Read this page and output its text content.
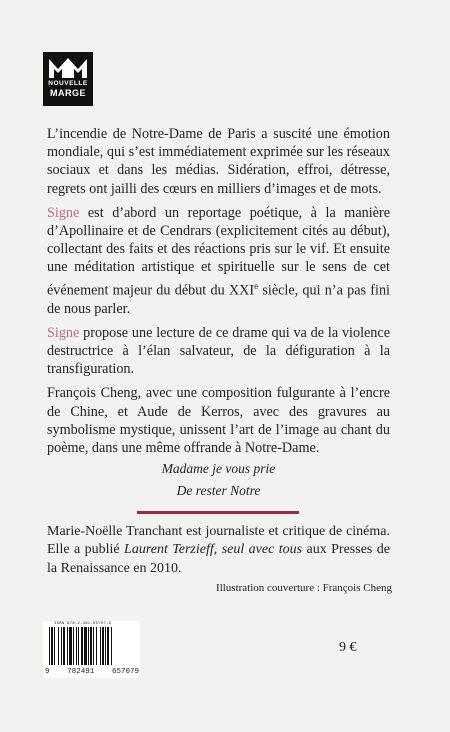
NOUVELLE
MARGE

L’incendie de Notre-Dame de Paris a suscité une émotion mondiale, qui s’est immédiatement exprimée sur les réseaux sociaux et dans les médias. Sidération, effroi, détresse, regrets ont jailli des cœurs en milliers d’images et de mots.

Signe est d’abord un reportage poétique, à la manière d’Apollinaire et de Cendrars (explicitement cités au début), collectant des faits et des réactions pris sur le vif. Et ensuite une méditation artistique et spirituelle sur le sens de cet événement majeur du début du XXIe siècle, qui n’a pas fini de nous parler.

Signe propose une lecture de ce drame qui va de la violence destructrice à l’élan salvateur, de la défiguration à la transfiguration.

François Cheng, avec une composition fulgurante à l’encre de Chine, et Aude de Kerros, avec des gravures au symbolisme mystique, unissent l’art de l’image au chant du poème, dans une même offrande à Notre-Dame.

Madame je vous prie
De rester Notre

Marie-Noëlle Tranchant est journaliste et critique de cinéma. Elle a publié Laurent Terzieff, seul avec tous aux Presses de la Renaissance en 2010.

Illustration couverture : François Cheng
ISBN 978-2-491-65707-9
9 782491 657079
9 €
